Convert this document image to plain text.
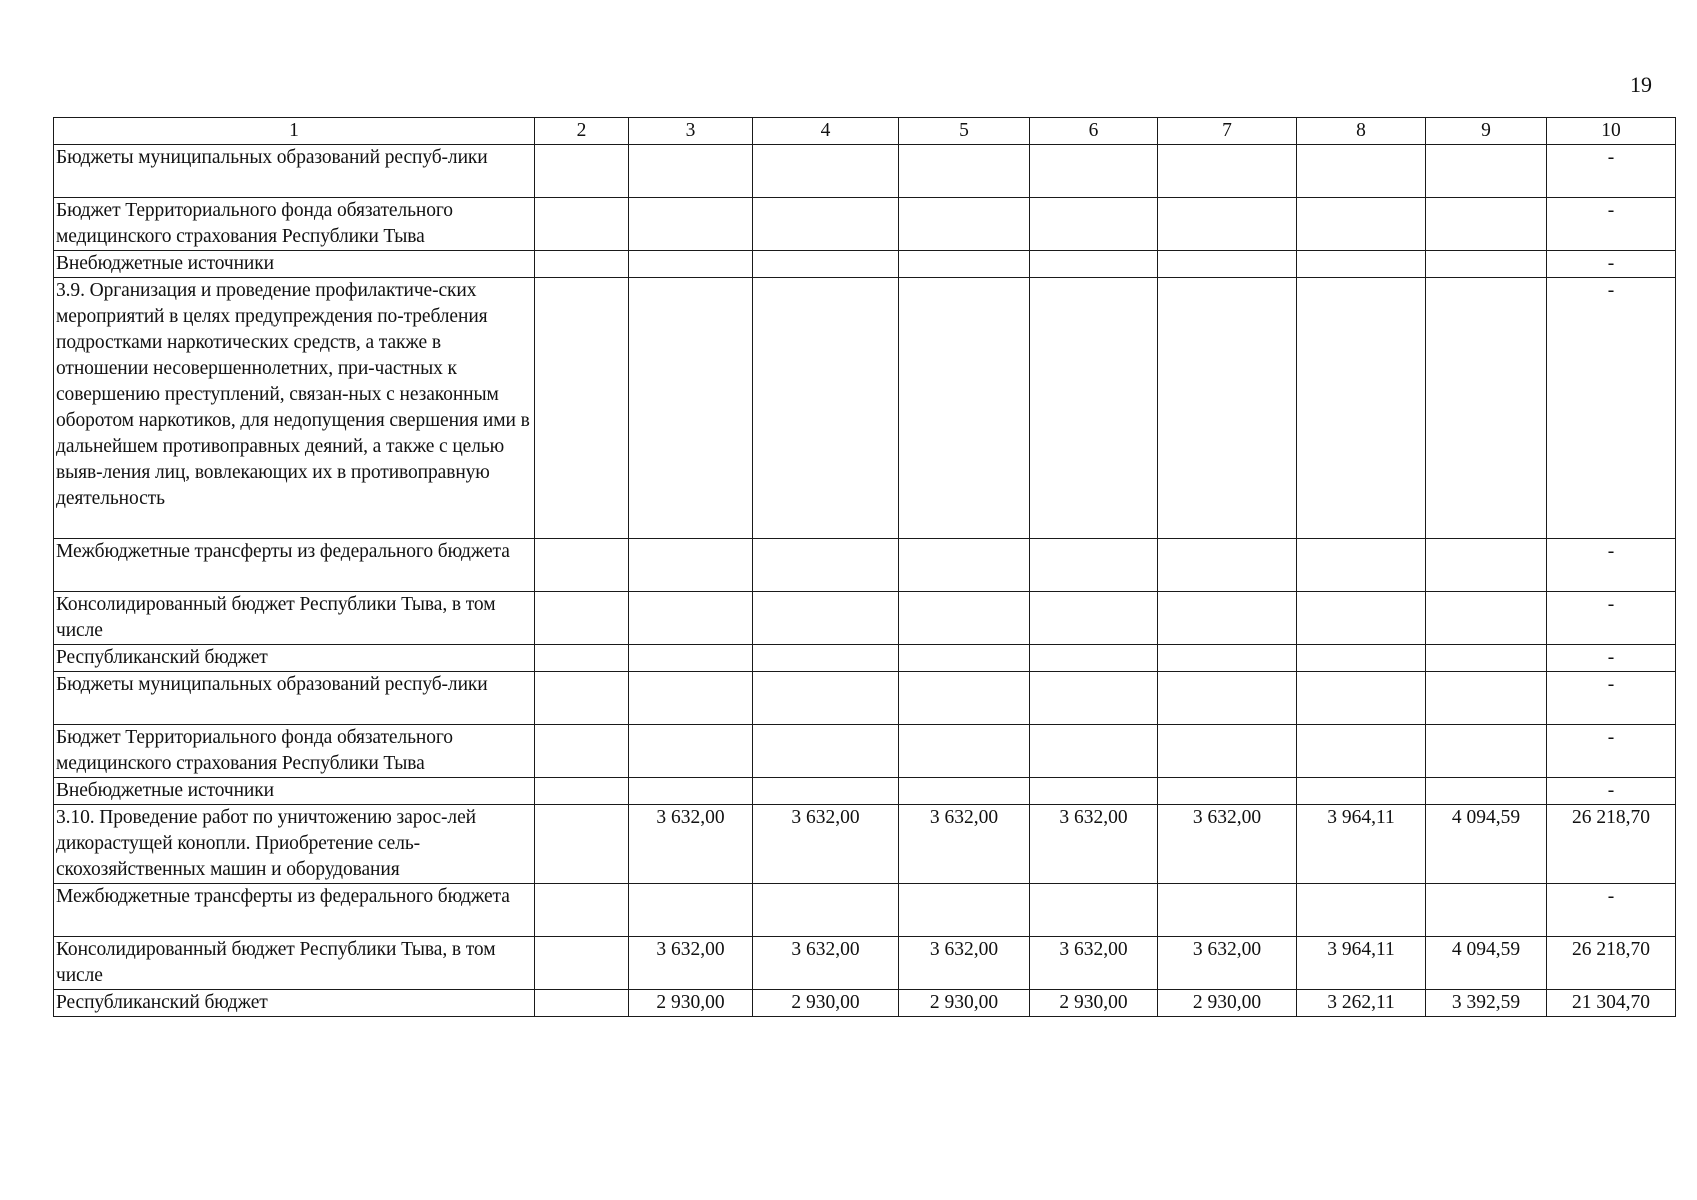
19
1	2	3	4	5	6	7	8	9	10
Бюджеты муниципальных образований респуб-лики									-
Бюджет Территориального фонда обязательного медицинского страхования Республики Тыва									-
Внебюджетные источники									-
3.9. Организация и проведение профилактиче-ских мероприятий в целях предупреждения по-требления подростками наркотических средств, а также в отношении несовершеннолетних, при-частных к совершению преступлений, связан-ных с незаконным оборотом наркотиков, для недопущения свершения ими в дальнейшем противоправных деяний, а также с целью выяв-ления лиц, вовлекающих их в противоправную деятельность									-
Межбюджетные трансферты из федерального бюджета									-
Консолидированный бюджет Республики Тыва, в том числе									-
Республиканский бюджет									-
Бюджеты муниципальных образований респуб-лики									-
Бюджет Территориального фонда обязательного медицинского страхования Республики Тыва									-
Внебюджетные источники									-
3.10. Проведение работ по уничтожению зарос-лей дикорастущей конопли. Приобретение сель-скохозяйственных машин и оборудования		3 632,00	3 632,00	3 632,00	3 632,00	3 632,00	3 964,11	4 094,59	26 218,70
Межбюджетные трансферты из федерального бюджета									-
Консолидированный бюджет Республики Тыва, в том числе		3 632,00	3 632,00	3 632,00	3 632,00	3 632,00	3 964,11	4 094,59	26 218,70
Республиканский бюджет		2 930,00	2 930,00	2 930,00	2 930,00	2 930,00	3 262,11	3 392,59	21 304,70
